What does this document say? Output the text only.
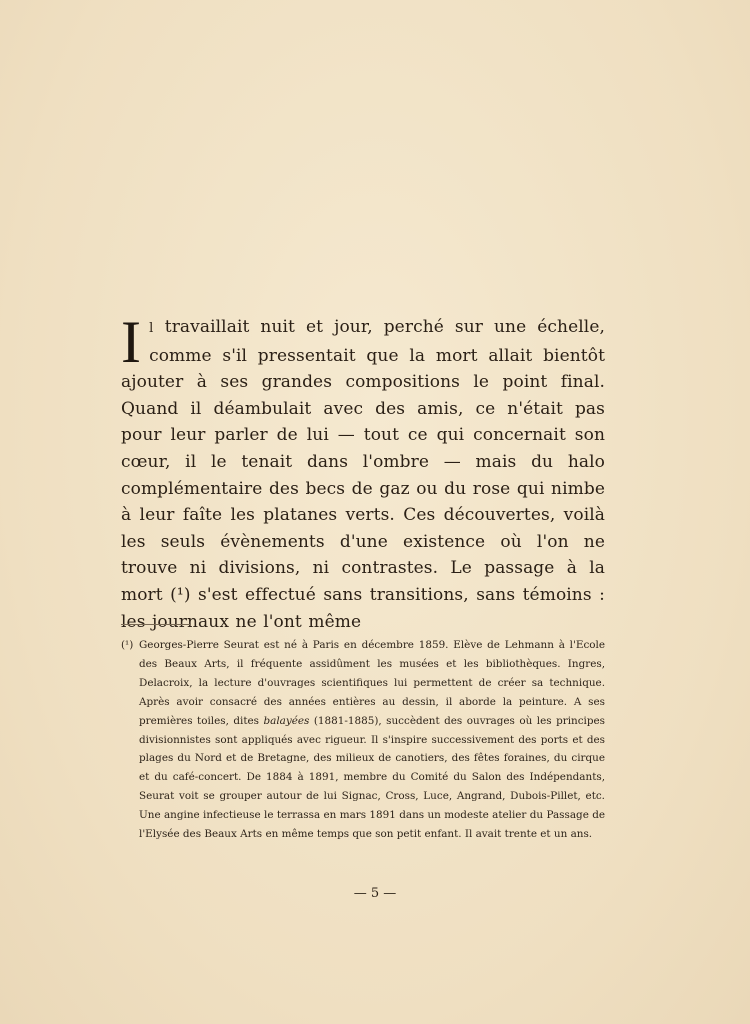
Il travaillait nuit et jour, perché sur une échelle, comme s'il pressentait que la mort allait bientôt ajouter à ses grandes compositions le point final. Quand il déambulait avec des amis, ce n'était pas pour leur parler de lui — tout ce qui concernait son cœur, il le tenait dans l'ombre — mais du halo complémentaire des becs de gaz ou du rose qui nimbe à leur faîte les platanes verts. Ces découvertes, voilà les seuls évènements d'une existence où l'on ne trouve ni divisions, ni contrastes. Le passage à la mort (¹) s'est effectué sans transitions, sans témoins : les journaux ne l'ont même

(¹) Georges-Pierre Seurat est né à Paris en décembre 1859. Elève de Lehmann à l'Ecole des Beaux Arts, il fréquente assidûment les musées et les bibliothèques. Ingres, Delacroix, la lecture d'ouvrages scientifiques lui permettent de créer sa technique. Après avoir consacré des années entières au dessin, il aborde la peinture. A ses premières toiles, dites balayées (1881-1885), succèdent des ouvrages où les principes divisionnistes sont appliqués avec rigueur. Il s'inspire successivement des ports et des plages du Nord et de Bretagne, des milieux de canotiers, des fêtes foraines, du cirque et du café-concert. De 1884 à 1891, membre du Comité du Salon des Indépendants, Seurat voit se grouper autour de lui Signac, Cross, Luce, Angrand, Dubois-Pillet, etc. Une angine infectieuse le terrassa en mars 1891 dans un modeste atelier du Passage de l'Elysée des Beaux Arts en même temps que son petit enfant. Il avait trente et un ans.

— 5 —
